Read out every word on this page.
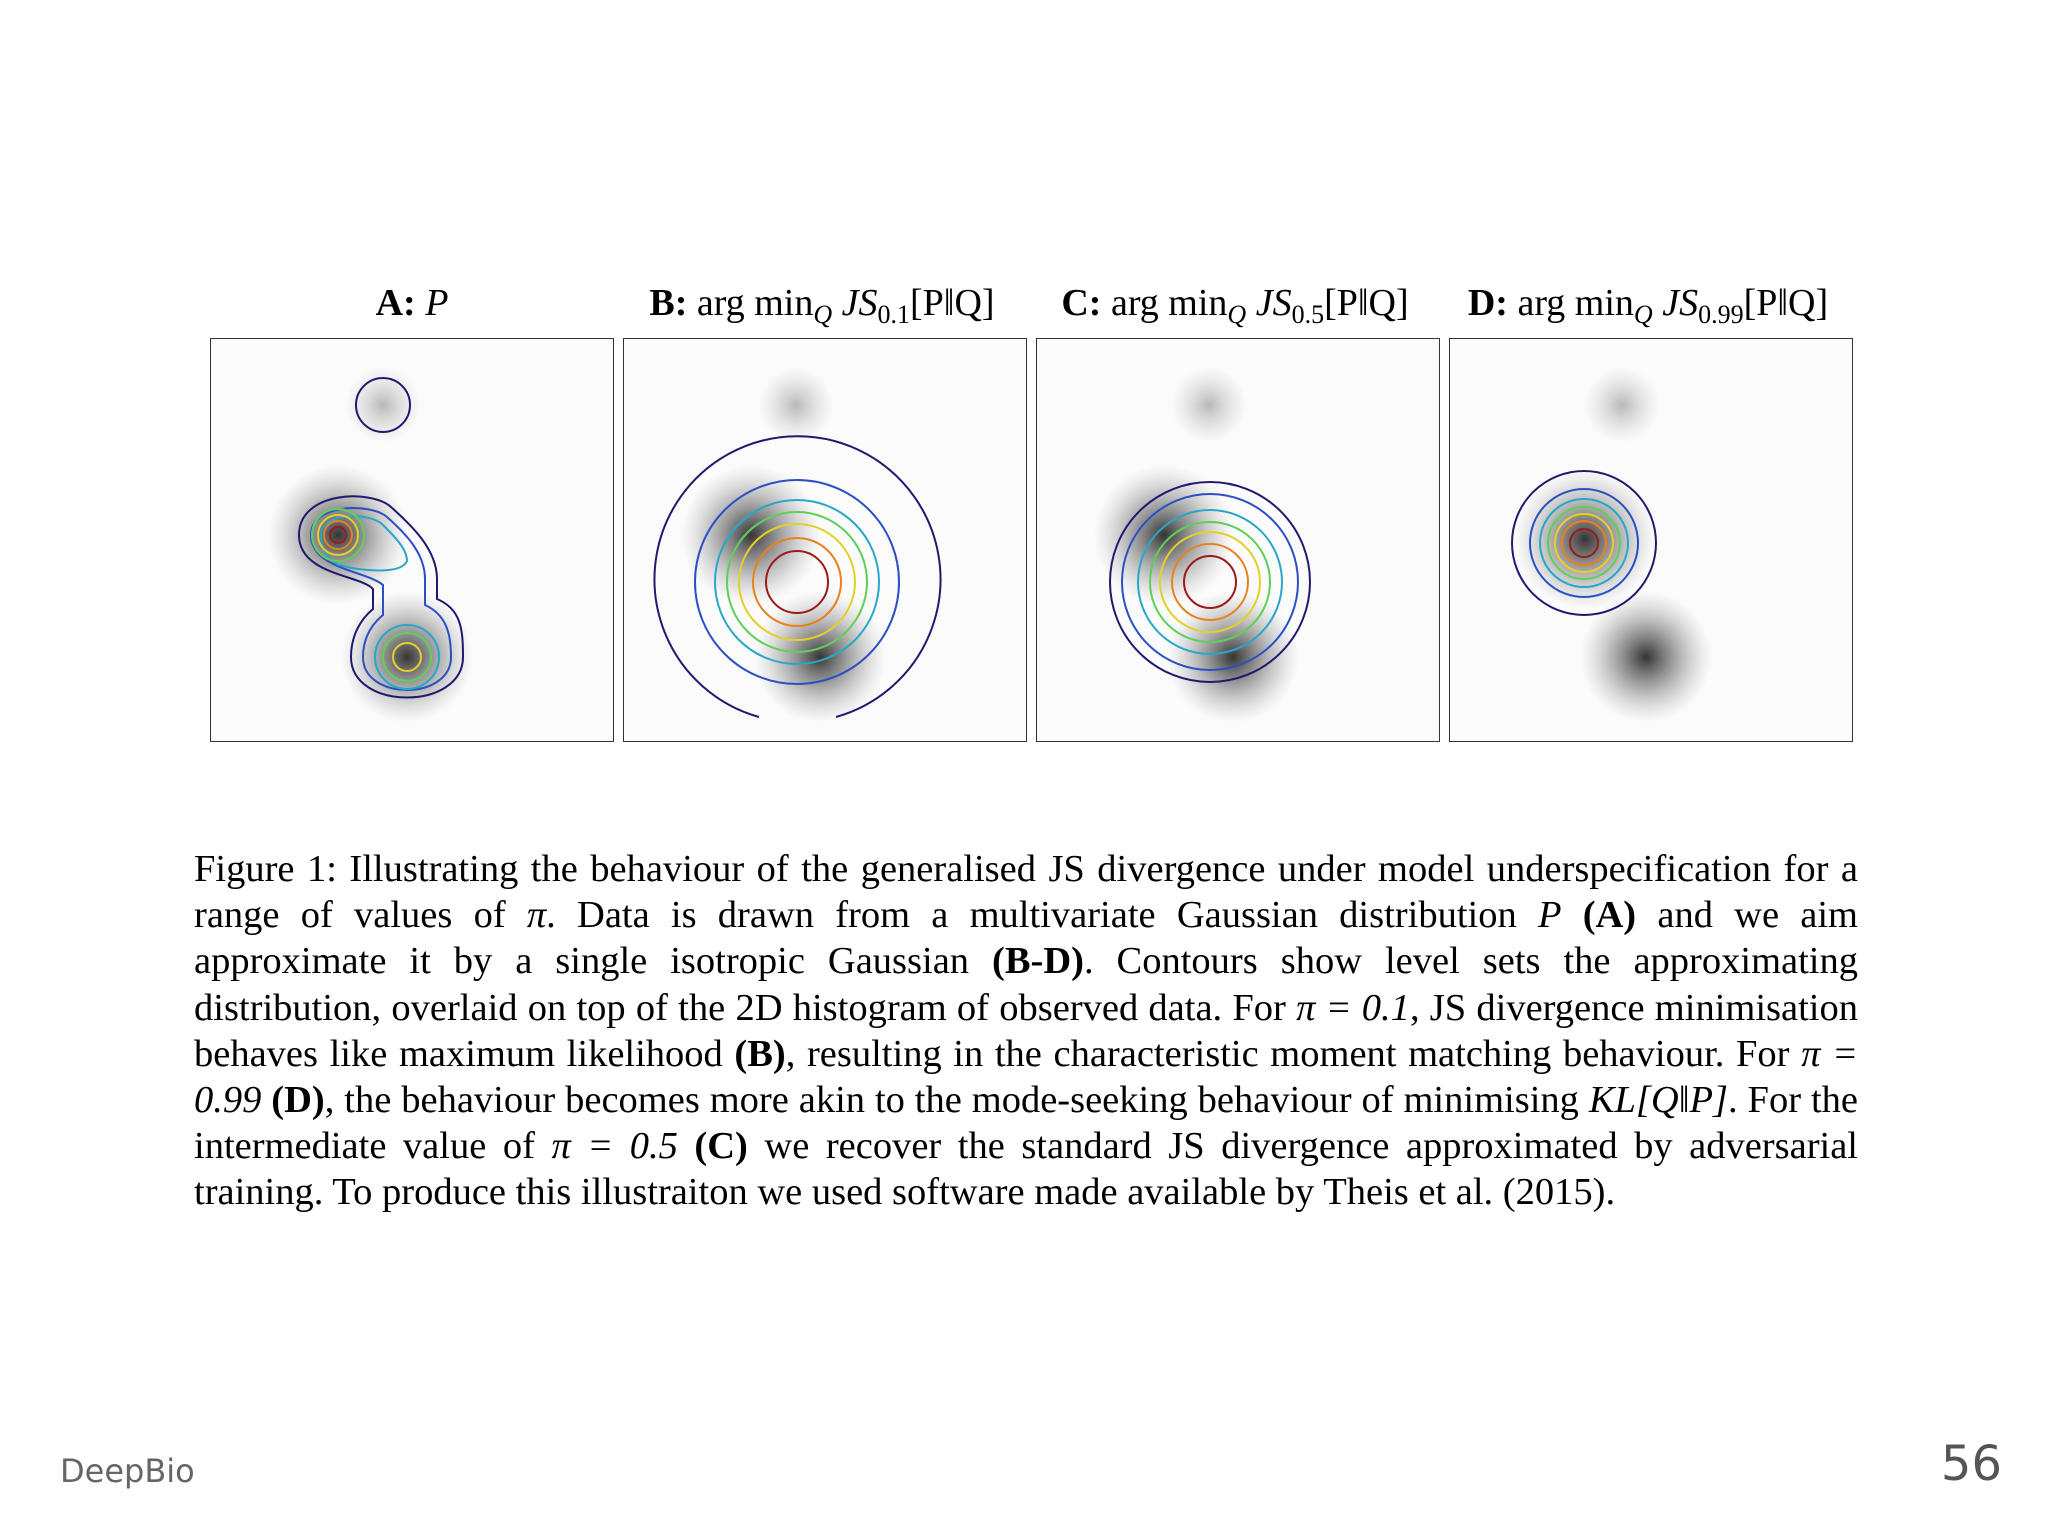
A: P	B: arg $\min_Q$ $JS_{0.1}[P‖Q]$	C: arg $\min_Q$ $JS_{0.5}[P‖Q]$	D: arg $\min_Q$ $JS_{0.99}[P‖Q]$
Figure 1: Illustrating the behaviour of the generalised JS divergence under model underspecification for a range of values of π. Data is drawn from a multivariate Gaussian distribution P (A) and we aim approximate it by a single isotropic Gaussian (B-D). Contours show level sets the approximating distribution, overlaid on top of the 2D histogram of observed data. For π = 0.1, JS divergence minimisation behaves like maximum likelihood (B), resulting in the characteristic moment matching behaviour. For π = 0.99 (D), the behaviour becomes more akin to the mode-seeking behaviour of minimising KL[Q‖P]. For the intermediate value of π = 0.5 (C) we recover the standard JS divergence approximated by adversarial training. To produce this illustraiton we used software made available by Theis et al. (2015).
DeepBio	56
